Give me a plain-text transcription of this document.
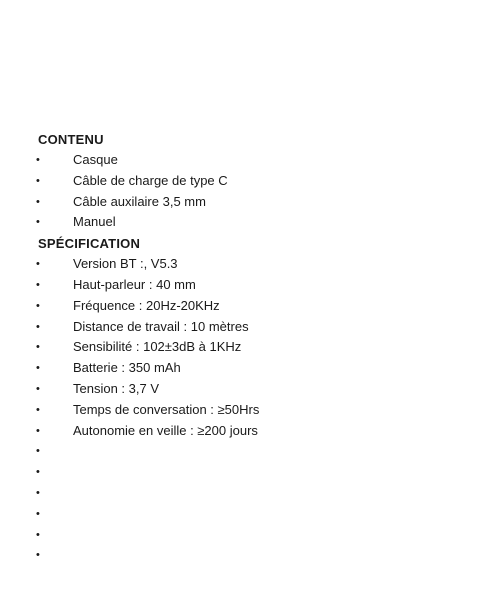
CONTENU
•	Casque
•	Câble de charge de type C
•	Câble auxilaire 3,5 mm
•	Manuel
SPÉCIFICATION
•	Version BT :, V5.3
•	Haut-parleur : 40 mm
•	Fréquence : 20Hz-20KHz
•	Distance de travail : 10 mètres
•	Sensibilité : 102±3dB à 1KHz
•	Batterie : 350 mAh
•	Tension : 3,7 V
•	Temps de conversation : ≥50Hrs
•	Autonomie en veille : ≥200 jours
•
•
•
•
•
•
